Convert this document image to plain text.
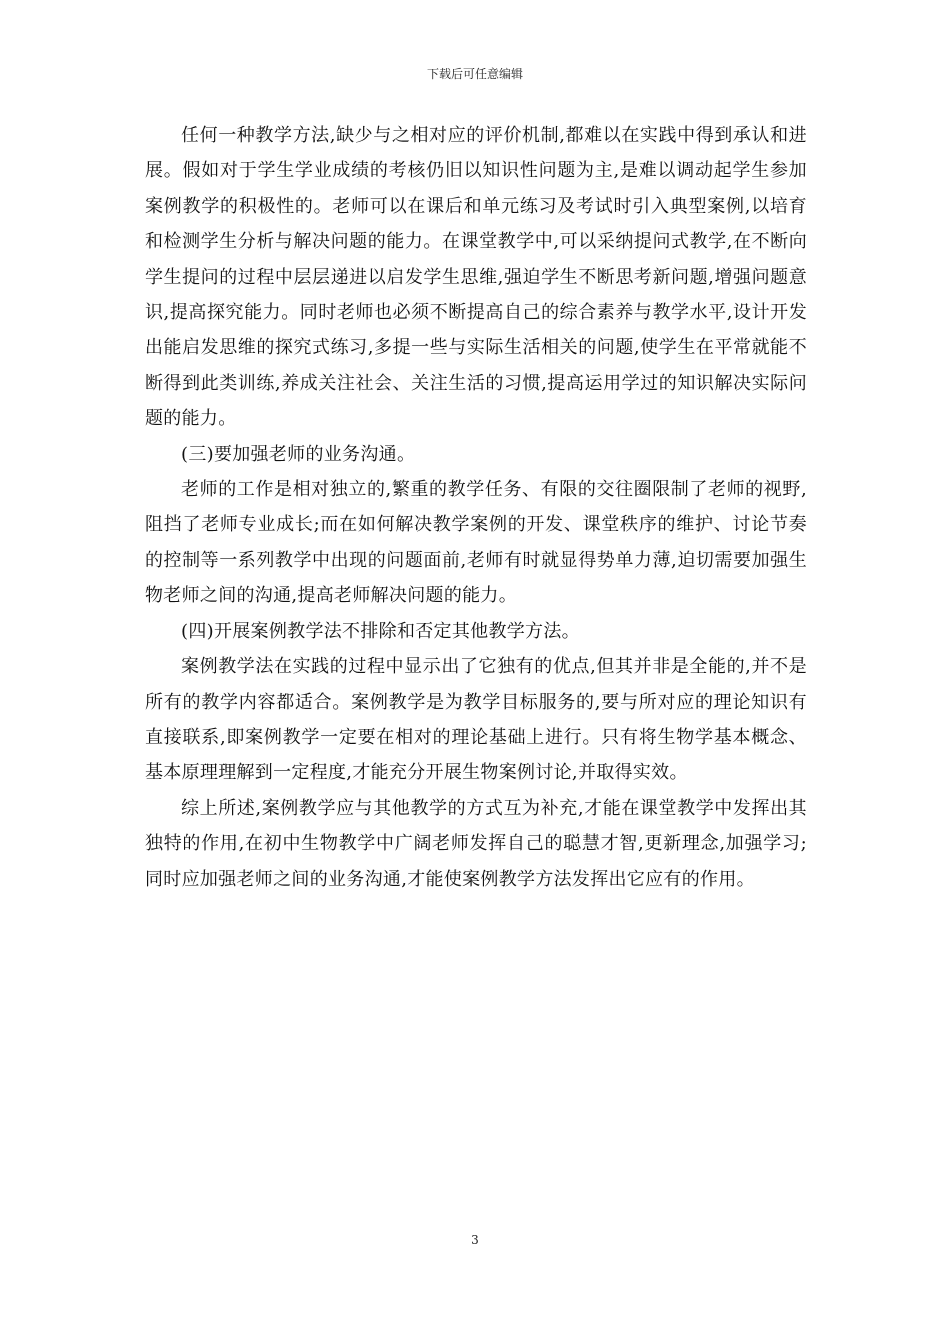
下载后可任意编辑

任何一种教学方法,缺少与之相对应的评价机制,都难以在实践中得到承认和进展。假如对于学生学业成绩的考核仍旧以知识性问题为主,是难以调动起学生参加案例教学的积极性的。老师可以在课后和单元练习及考试时引入典型案例,以培育和检测学生分析与解决问题的能力。在课堂教学中,可以采纳提问式教学,在不断向学生提问的过程中层层递进以启发学生思维,强迫学生不断思考新问题,增强问题意识,提高探究能力。同时老师也必须不断提高自己的综合素养与教学水平,设计开发出能启发思维的探究式练习,多提一些与实际生活相关的问题,使学生在平常就能不断得到此类训练,养成关注社会、关注生活的习惯,提高运用学过的知识解决实际问题的能力。

(三)要加强老师的业务沟通。

老师的工作是相对独立的,繁重的教学任务、有限的交往圈限制了老师的视野,阻挡了老师专业成长;而在如何解决教学案例的开发、课堂秩序的维护、讨论节奏的控制等一系列教学中出现的问题面前,老师有时就显得势单力薄,迫切需要加强生物老师之间的沟通,提高老师解决问题的能力。

(四)开展案例教学法不排除和否定其他教学方法。

案例教学法在实践的过程中显示出了它独有的优点,但其并非是全能的,并不是所有的教学内容都适合。案例教学是为教学目标服务的,要与所对应的理论知识有直接联系,即案例教学一定要在相对的理论基础上进行。只有将生物学基本概念、基本原理理解到一定程度,才能充分开展生物案例讨论,并取得实效。

综上所述,案例教学应与其他教学的方式互为补充,才能在课堂教学中发挥出其独特的作用,在初中生物教学中广阔老师发挥自己的聪慧才智,更新理念,加强学习;同时应加强老师之间的业务沟通,才能使案例教学方法发挥出它应有的作用。

3
